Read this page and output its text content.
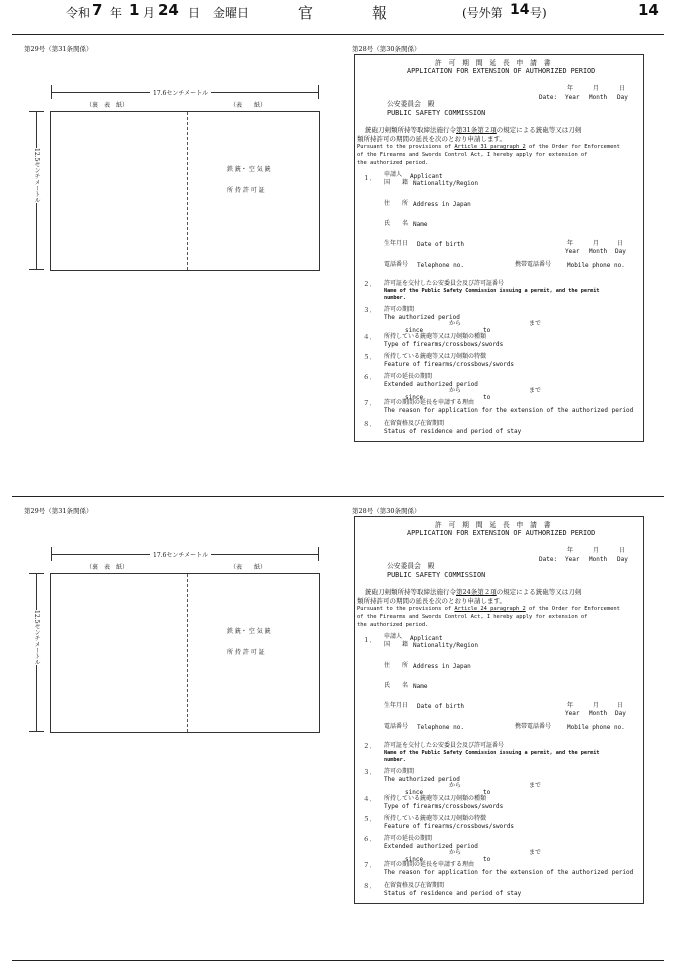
令和 7 年 1 月 24 日 金曜日	官　報	(号外第 14 号)	14
第29号（第31条関係）	第28号（第30条関係）
17.6センチメートル
（裏　表　紙）	（表　　紙）
鉄 銃・ 空 気 銃
所 持 許 可 証
12.5センチメートル
許　可　期　間　延　長　申　請　書
APPLICATION FOR EXTENSION OF AUTHORIZED PERIOD
年	月	日
Date: Year Month Day
公安委員会　殿
PUBLIC SAFETY COMMISSION
銃砲刀剣類所持等取締法施行令第31条第２項の規定による銃砲等又は刀剣
類所持許可の期間の延長を次のとおり申請します。
Pursuant to the provisions of Article 31 paragraph 2 of the Order for Enforcement
of the Firearms and Swords Control Act, I hereby apply for extension of
the authorized period.
１． 申請人 Applicant
国　　籍 Nationality/Region
住　　所 Address in Japan
氏　　名 Name
生年月日 Date of birth	年	月	日
Year Month Day
電話番号 Telephone no.	携帯電話番号	Mobile phone no.
２． 許可証を交付した公安委員会及び許可証番号
Name of the Public Safety Commission issuing a permit, and the permit
number.
３． 許可の期間
The authorized period
から	まで
since	to
４． 所持している銃砲等又は刀剣類の種類
Type of firearms/crossbows/swords
５． 所持している銃砲等又は刀剣類の特徴
Feature of firearms/crossbows/swords
６． 許可の延長の期間
Extended authorized period
から	まで
since	to
７． 許可の期間の延長を申請する理由
The reason for application for the extension of the authorized period
８． 在留資格及び在留期間
Status of residence and period of stay
第29号（第31条関係）	第28号（第30条関係）
17.6センチメートル
（裏　表　紙）	（表　　紙）
鉄 銃・ 空 気 銃
所 持 許 可 証
12.5センチメートル
許　可　期　間　延　長　申　請　書
APPLICATION FOR EXTENSION OF AUTHORIZED PERIOD
年	月	日
Date: Year Month Day
公安委員会　殿
PUBLIC SAFETY COMMISSION
銃砲刀剣類所持等取締法施行令第24条第２項の規定による銃砲等又は刀剣
類所持許可の期間の延長を次のとおり申請します。
Pursuant to the provisions of Article 24 paragraph 2 of the Order for Enforcement
of the Firearms and Swords Control Act, I hereby apply for extension of
the authorized period.
１． 申請人 Applicant
国　　籍 Nationality/Region
住　　所 Address in Japan
氏　　名 Name
生年月日 Date of birth	年	月	日
Year Month Day
電話番号 Telephone no.	携帯電話番号	Mobile phone no.
２． 許可証を交付した公安委員会及び許可証番号
Name of the Public Safety Commission issuing a permit, and the permit
number.
３． 許可の期間
The authorized period
から	まで
since	to
４． 所持している銃砲等又は刀剣類の種類
Type of firearms/crossbows/swords
５． 所持している銃砲等又は刀剣類の特徴
Feature of firearms/crossbows/swords
６． 許可の延長の期間
Extended authorized period
から	まで
since	to
７． 許可の期間の延長を申請する理由
The reason for application for the extension of the authorized period
８． 在留資格及び在留期間
Status of residence and period of stay
